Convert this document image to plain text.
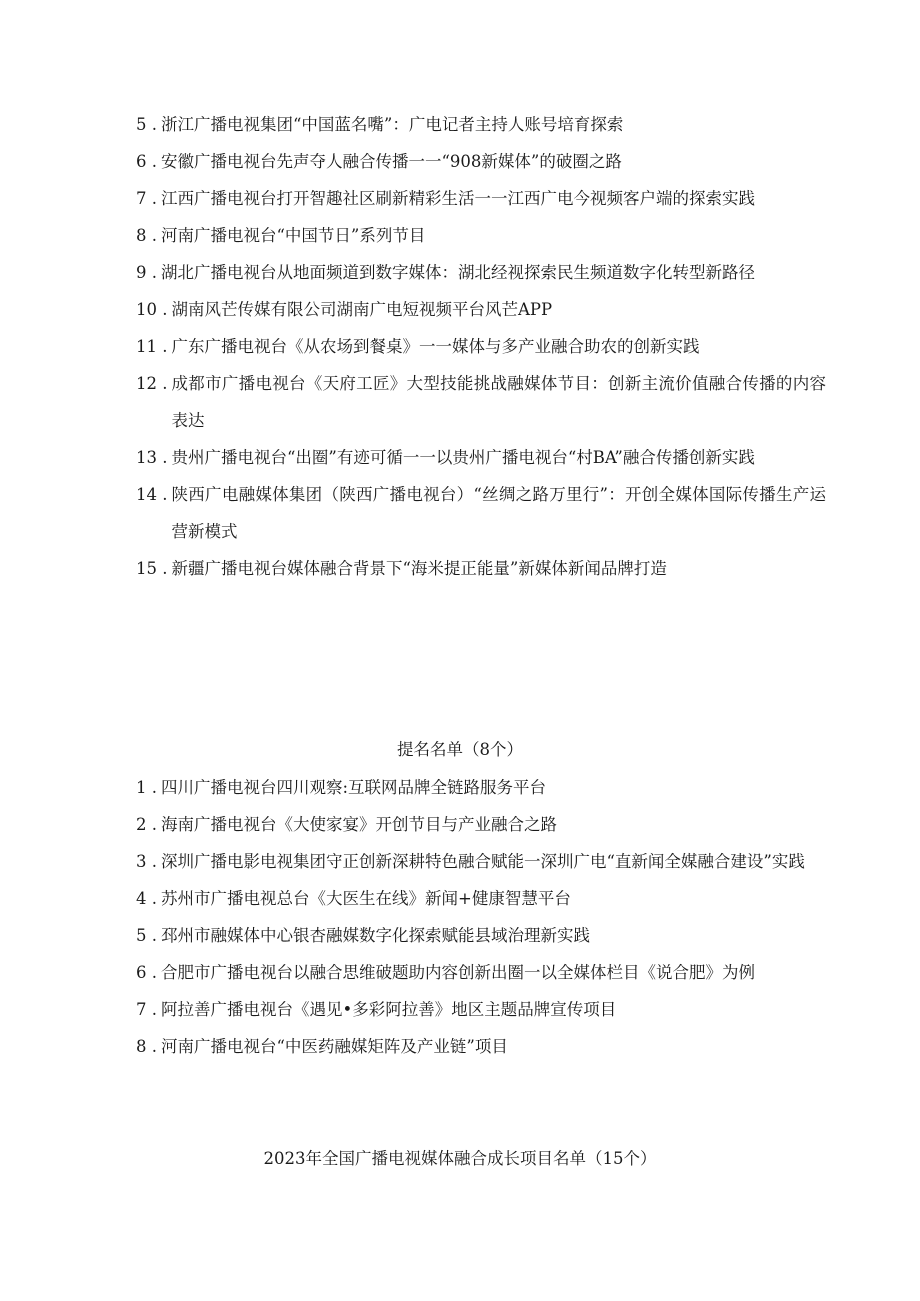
5 . 浙江广播电视集团“中国蓝名嘴”：广电记者主持人账号培育探索
6 . 安徽广播电视台先声夺人融合传播一一“908新媒体”的破圈之路
7 . 江西广播电视台打开智趣社区刷新精彩生活一一江西广电今视频客户端的探索实践
8 . 河南广播电视台“中国节日”系列节目
9 . 湖北广播电视台从地面频道到数字媒体：湖北经视探索民生频道数字化转型新路径
10 . 湖南风芒传媒有限公司湖南广电短视频平台风芒APP
11 . 广东广播电视台《从农场到餐桌》一一媒体与多产业融合助农的创新实践
12 . 成都市广播电视台《天府工匠》大型技能挑战融媒体节目：创新主流价值融合传播的内容表达
13 . 贵州广播电视台“出圈”有迹可循一一以贵州广播电视台“村BA”融合传播创新实践
14 . 陕西广电融媒体集团（陕西广播电视台）“丝绸之路万里行”：开创全媒体国际传播生产运营新模式
15 . 新疆广播电视台媒体融合背景下“海米提正能量”新媒体新闻品牌打造
提名名单（8个）
1 . 四川广播电视台四川观察:互联网品牌全链路服务平台
2 . 海南广播电视台《大使家宴》开创节目与产业融合之路
3 . 深圳广播电影电视集团守正创新深耕特色融合赋能一深圳广电“直新闻全媒融合建设”实践
4 . 苏州市广播电视总台《大医生在线》新闻+健康智慧平台
5 . 邳州市融媒体中心银杏融媒数字化探索赋能县域治理新实践
6 . 合肥市广播电视台以融合思维破题助内容创新出圈一以全媒体栏目《说合肥》为例
7 . 阿拉善广播电视台《遇见•多彩阿拉善》地区主题品牌宣传项目
8 . 河南广播电视台“中医药融媒矩阵及产业链”项目
2023年全国广播电视媒体融合成长项目名单（15个）
